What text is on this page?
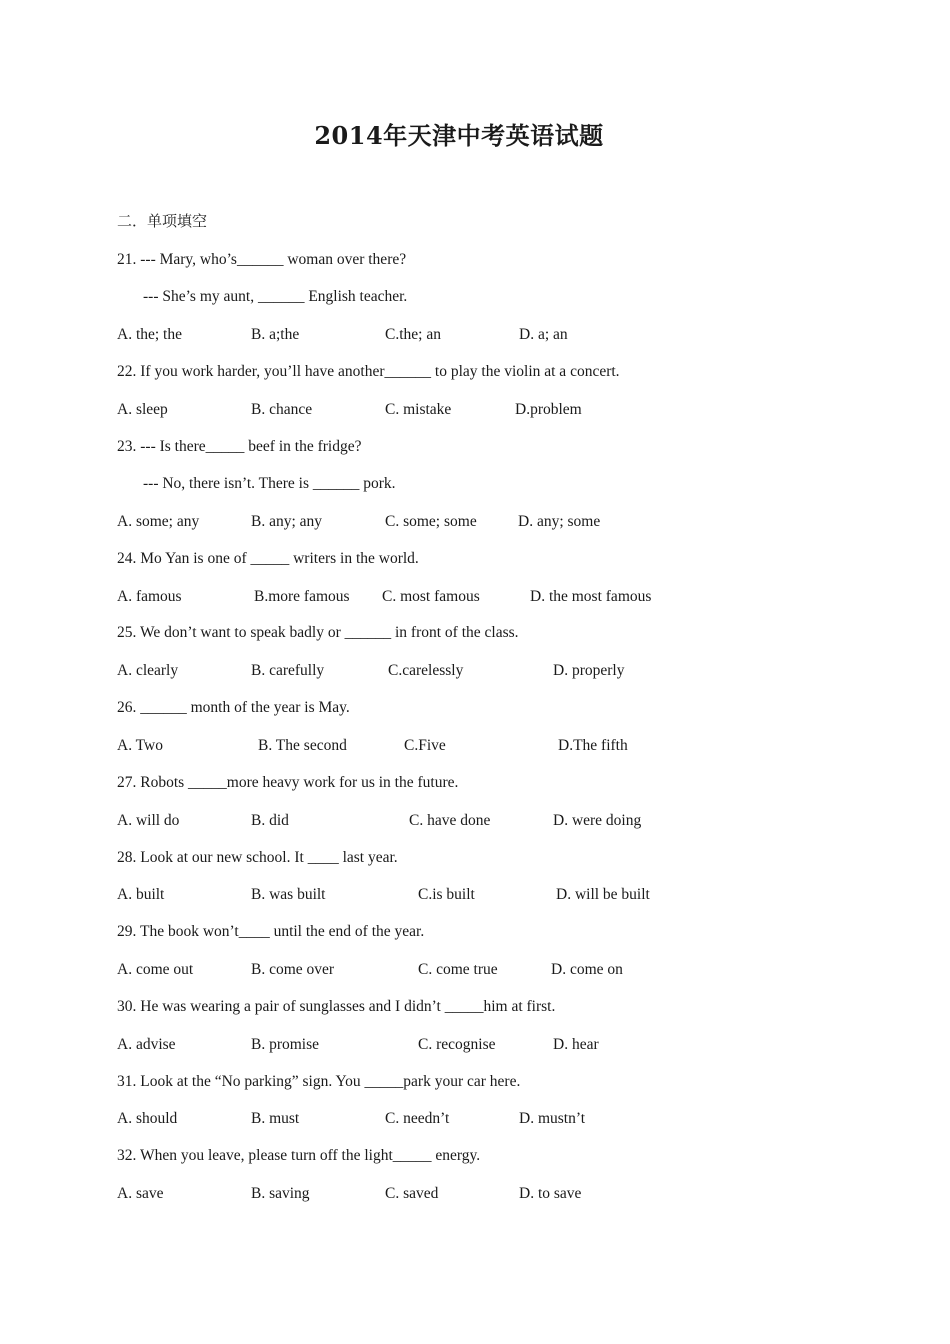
2014年天津中考英语试题
二．单项填空
21. --- Mary, who’s______ woman over there?
--- She’s my aunt, ______ English teacher.
A. the; the	B. a;the	C.the; an	D. a; an
22. If you work harder, you’ll have another______ to play the violin at a concert.
A. sleep	B. chance	C. mistake	D.problem
23. --- Is there_____ beef in the fridge?
--- No, there isn’t. There is ______ pork.
A. some; any	B. any; any	C. some; some	D. any; some
24. Mo Yan is one of _____ writers in the world.
A. famous	B.more famous C. most famous	D. the most famous
25. We don’t want to speak badly or ______ in front of the class.
A. clearly	B. carefully	C.carelessly	D. properly
26. ______ month of the year is May.
A. Two	B. The second	C.Five	D.The fifth
27. Robots _____more heavy work for us in the future.
A. will do	B. did	C. have done	D. were doing
28. Look at our new school. It ____ last year.
A. built	B. was built	C.is built	D. will be built
29. The book won’t____ until the end of the year.
A. come out	B. come over	C. come true	D. come on
30. He was wearing a pair of sunglasses and I didn’t _____him at first.
A. advise	B. promise	C. recognise	D. hear
31. Look at the “No parking” sign. You _____park your car here.
A. should	B. must	C. needn’t	D. mustn’t
32. When you leave, please turn off the light_____ energy.
A. save	B. saving	C. saved	D. to save
